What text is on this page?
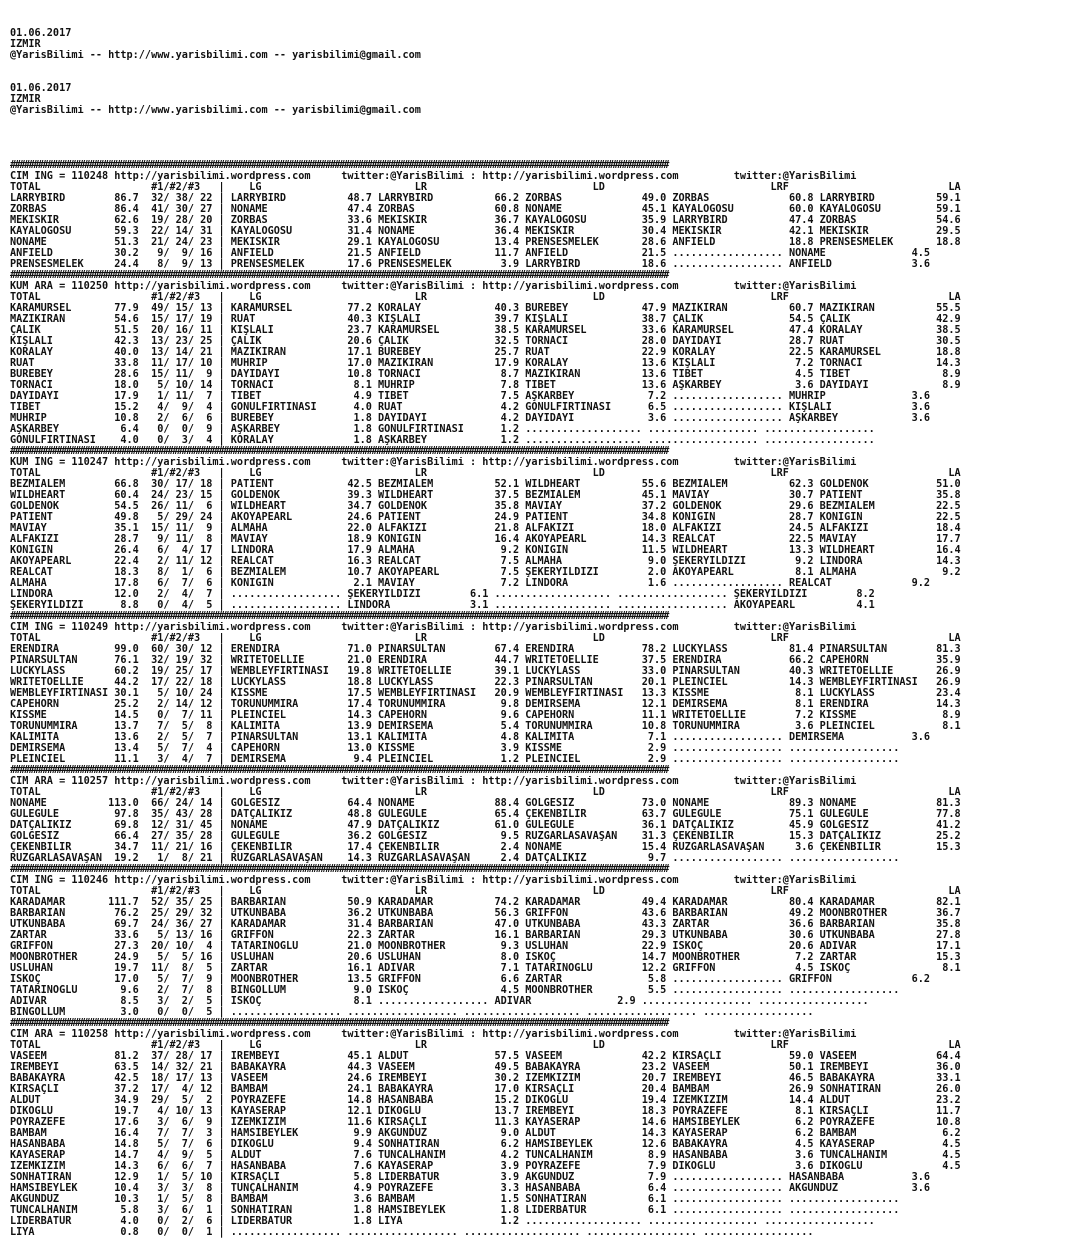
01.06.2017
IZMIR
@YarisBilimi -- http://www.yarisbilimi.com -- yarisbilimi@gmail.com

01.06.2017
IZMIR
@YarisBilimi -- http://www.yarisbilimi.com -- yarisbilimi@gmail.com

##############################################################################################################################################
CIM ING = 110248 http://yarisbilimi.wordpress.com     twitter:@YarisBilimi : http://yarisbilimi.wordpress.com         twitter:@YarisBilimi
TOTAL                  #1/#2/#3   |    LG                         LR                           LD                           LRF                          LA
LARRYBIRD        86.7  32/ 38/ 22 | LARRYBIRD          48.7 LARRYBIRD          66.2 ZORBAS             49.0 ZORBAS             60.8 LARRYBIRD          59.1
ZORBAS           86.4  41/ 30/ 27 | NONAME             47.4 ZORBAS             60.8 NONAME             45.1 KAYALOGOSU         60.0 KAYALOGOSU         59.1
MEKİSKİR         62.6  19/ 28/ 20 | ZORBAS             33.6 MEKİSKİR           36.7 KAYALOGOSU         35.9 LARRYBIRD          47.4 ZORBAS             54.6
KAYALOGOSU       59.3  22/ 14/ 31 | KAYALOGOSU         31.4 NONAME             36.4 MEKİSKİR           30.4 MEKİSKİR           42.1 MEKİSKİR           29.5
NONAME           51.3  21/ 24/ 23 | MEKİSKİR           29.1 KAYALOGOSU         13.4 PRENSESMELEK       28.6 ANFIELD            18.8 PRENSESMELEK       18.8
ANFIELD          30.2   9/  9/ 16 | ANFIELD            21.5 ANFIELD            11.7 ANFIELD            21.5 .................. NONAME              4.5
PRENSESMELEK     24.4   8/  9/ 13 | PRENSESMELEK       17.6 PRENSESMELEK        3.9 LARRYBIRD          18.6 .................. ANFIELD             3.6
##############################################################################################################################################
KUM ARA = 110250 http://yarisbilimi.wordpress.com     twitter:@YarisBilimi : http://yarisbilimi.wordpress.com         twitter:@YarisBilimi
TOTAL                  #1/#2/#3   |    LG                         LR                           LD                           LRF                          LA
KARAMÜRSEL       77.9  49/ 15/ 13 | KARAMÜRSEL         77.2 KORALAY            40.3 BUREBEY            47.9 MAZIKIRAN          60.7 MAZIKIRAN          55.5
MAZIKIRAN        54.6  15/ 17/ 19 | RUAT               40.3 KIŞLALI            39.7 KIŞLALI            38.7 ÇALIK              54.5 ÇALIK              42.9
ÇALIK            51.5  20/ 16/ 11 | KIŞLALI            23.7 KARAMÜRSEL         38.5 KARAMÜRSEL         33.6 KARAMÜRSEL         47.4 KORALAY            38.5
KIŞLALI          42.3  13/ 23/ 25 | ÇALIK              20.6 ÇALIK              32.5 TORNACI            28.0 DAYIDAYI           28.7 RUAT               30.5
KORALAY          40.0  13/ 14/ 21 | MAZIKIRAN          17.1 BUREBEY            25.7 RUAT               22.9 KORALAY            22.5 KARAMÜRSEL         18.8
RUAT             33.8  11/ 17/ 10 | MUHRİP             17.0 MAZIKIRAN          17.9 KORALAY            13.6 KIŞLALI             7.2 TORNACI            14.3
BUREBEY          28.6  15/ 11/  9 | DAYIDAYI           10.8 TORNACI             8.7 MAZIKIRAN          13.6 TİBET               4.5 TİBET               8.9
TORNACI          18.0   5/ 10/ 14 | TORNACI             8.1 MUHRİP              7.8 TİBET              13.6 AŞKARBEY            3.6 DAYIDAYI            8.9
DAYIDAYI         17.9   1/ 11/  7 | TİBET               4.9 TİBET               7.5 AŞKARBEY            7.2 .................. MUHRİP              3.6
TİBET            15.2   4/  9/  4 | GÖNÜLFIRTINASI      4.0 RUAT                4.2 GÖNÜLFIRTINASI      6.5 .................. KIŞLALI             3.6
MUHRİP           10.8   2/  6/  6 | BUREBEY             1.8 DAYIDAYI            4.2 DAYIDAYI            3.6 .................. AŞKARBEY            3.6
AŞKARBEY          6.4   0/  0/  9 | AŞKARBEY            1.8 GÖNÜLFIRTINASI      1.2 ................... .................. ..................
GÖNÜLFIRTINASI    4.0   0/  3/  4 | KORALAY             1.8 AŞKARBEY            1.2 ................... .................. ..................
##############################################################################################################################################
KUM ING = 110247 http://yarisbilimi.wordpress.com     twitter:@YarisBilimi : http://yarisbilimi.wordpress.com         twitter:@YarisBilimi
TOTAL                  #1/#2/#3   |    LG                         LR                           LD                           LRF                          LA
BEZMİALEM        66.8  30/ 17/ 18 | PATIENT            42.5 BEZMİALEM          52.1 WILDHEART          55.6 BEZMİALEM          62.3 GOLDENOK           51.0
WILDHEART        60.4  24/ 23/ 15 | GOLDENOK           39.3 WILDHEART          37.5 BEZMİALEM          45.1 MAVİAY             30.7 PATIENT            35.8
GOLDENOK         54.5  26/ 11/  6 | WILDHEART          34.7 GOLDENOK           35.8 MAVİAY             37.2 GOLDENOK           29.6 BEZMİALEM          22.5
PATIENT          49.8   5/ 29/ 24 | AKOYAPEARL         24.6 PATIENT            24.9 PATIENT            34.8 KONIGIN            28.7 KONIGIN            22.5
MAVİAY           35.1  15/ 11/  9 | ALMAHA             22.0 ALFAKIZI           21.8 ALFAKIZI           18.0 ALFAKIZI           24.5 ALFAKIZI           18.4
ALFAKIZI         28.7   9/ 11/  8 | MAVİAY             18.9 KONIGIN            16.4 AKOYAPEARL         14.3 REALCAT            22.5 MAVİAY             17.7
KONIGIN          26.4   6/  4/ 17 | LINDORA            17.9 ALMAHA              9.2 KONIGIN            11.5 WILDHEART          13.3 WILDHEART          16.4
AKOYAPEARL       22.4   2/ 11/ 12 | REALCAT            16.3 REALCAT             7.5 ALMAHA              9.0 ŞEKERYILDIZI        9.2 LINDORA            14.3
REALCAT          18.3   8/  1/  6 | BEZMİALEM          10.7 AKOYAPEARL          7.5 ŞEKERYILDIZI        2.0 AKOYAPEARL          8.1 ALMAHA              9.2
ALMAHA           17.8   6/  7/  6 | KONIGIN             2.1 MAVİAY              7.2 LINDORA             1.6 .................. REALCAT             9.2
LINDORA          12.0   2/  4/  7 | .................. ŞEKERYILDIZI        6.1 ................... .................. ŞEKERYILDIZI        8.2
ŞEKERYILDIZI      8.8   0/  4/  5 | .................. LINDORA             3.1 ................... .................. AKOYAPEARL          4.1
##############################################################################################################################################
CIM ING = 110249 http://yarisbilimi.wordpress.com     twitter:@YarisBilimi : http://yarisbilimi.wordpress.com         twitter:@YarisBilimi
TOTAL                  #1/#2/#3   |    LG                         LR                           LD                           LRF                          LA
ERENDIRA         99.0  60/ 30/ 12 | ERENDIRA           71.0 PINARSULTAN        67.4 ERENDIRA           78.2 LUCKYLASS          81.4 PINARSULTAN        81.3
PINARSULTAN      76.1  32/ 19/ 32 | WRITETOELLIE       21.0 ERENDIRA           44.7 WRITETOELLIE       37.5 ERENDIRA           66.2 CAPEHORN           35.9
LUCKYLASS        60.2  19/ 25/ 17 | WEMBLEYFIRTINASI   19.8 WRITETOELLIE       39.1 LUCKYLASS          33.0 PINARSULTAN        40.3 WRITETOELLIE       26.9
WRITETOELLIE     44.2  17/ 22/ 18 | LUCKYLASS          18.8 LUCKYLASS          22.3 PINARSULTAN        20.1 PLEINCIEL          14.3 WEMBLEYFIRTINASI   26.9
WEMBLEYFIRTINASI 30.1   5/ 10/ 24 | KISSME             17.5 WEMBLEYFIRTINASI   20.9 WEMBLEYFIRTINASI   13.3 KISSME              8.1 LUCKYLASS          23.4
CAPEHORN         25.2   2/ 14/ 12 | TORUNUMMİRA        17.4 TORUNUMMİRA         9.8 DEMİRSEMA          12.1 DEMİRSEMA           8.1 ERENDIRA           14.3
KISSME           14.5   0/  7/ 11 | PLEINCIEL          14.3 CAPEHORN            9.6 CAPEHORN           11.1 WRITETOELLIE        7.2 KISSME              8.9
TORUNUMMİRA      13.7   7/  5/  8 | KALIMITA           13.9 DEMİRSEMA           5.4 TORUNUMMİRA        10.8 TORUNUMMİRA         3.6 PLEINCIEL           8.1
KALIMITA         13.6   2/  5/  7 | PINARSULTAN        13.1 KALIMITA            4.8 KALIMITA            7.1 .................. DEMİRSEMA           3.6
DEMİRSEMA        13.4   5/  7/  4 | CAPEHORN           13.0 KISSME              3.9 KISSME              2.9 .................. ..................
PLEINCIEL        11.1   3/  4/  7 | DEMİRSEMA           9.4 PLEINCIEL           1.2 PLEINCIEL           2.9 .................. ..................
##############################################################################################################################################
CIM ARA = 110257 http://yarisbilimi.wordpress.com     twitter:@YarisBilimi : http://yarisbilimi.wordpress.com         twitter:@YarisBilimi
TOTAL                  #1/#2/#3   |    LG                         LR                           LD                           LRF                          LA
NONAME          113.0  66/ 24/ 14 | GOLGESİZ           64.4 NONAME             88.4 GOLGESİZ           73.0 NONAME             89.3 NONAME             81.3
GULEGULE         97.8  35/ 43/ 28 | DATÇALIKIZ         48.8 GULEGULE           65.4 ÇEKENBİLİR         63.7 GULEGULE           75.1 GULEGULE           77.8
DATÇALIKIZ       69.8  12/ 31/ 45 | NONAME             47.9 DATÇALIKIZ         61.0 GULEGULE           36.1 DATÇALIKIZ         45.9 GOLGESİZ           41.2
GOLGESİZ         66.4  27/ 35/ 28 | GULEGULE           36.2 GOLGESİZ            9.5 RÜZGARLASAVAŞAN    31.3 ÇEKENBİLİR         15.3 DATÇALIKIZ         25.2
ÇEKENBİLİR       34.7  11/ 21/ 16 | ÇEKENBİLİR         17.4 ÇEKENBİLİR          2.4 NONAME             15.4 RÜZGARLASAVAŞAN     3.6 ÇEKENBİLİR         15.3
RÜZGARLASAVAŞAN  19.2   1/  8/ 21 | RÜZGARLASAVAŞAN    14.3 RÜZGARLASAVAŞAN     2.4 DATÇALIKIZ          9.7 .................. ..................
##############################################################################################################################################
CIM ING = 110246 http://yarisbilimi.wordpress.com     twitter:@YarisBilimi : http://yarisbilimi.wordpress.com         twitter:@YarisBilimi
TOTAL                  #1/#2/#3   |    LG                         LR                           LD                           LRF                          LA
KARADAMAR       111.7  52/ 35/ 25 | BARBARIAN          50.9 KARADAMAR          74.2 KARADAMAR          49.4 KARADAMAR          80.4 KARADAMAR          82.1
BARBARIAN        76.2  25/ 29/ 32 | UTKUNBABA          36.2 UTKUNBABA          56.3 GRIFFON            43.6 BARBARIAN          49.2 MOONBROTHER        36.7
UTKUNBABA        69.7  24/ 36/ 27 | KARADAMAR          31.4 BARBARIAN          47.0 UTKUNBABA          43.3 ZARTAR             36.6 BARBARIAN          35.8
ZARTAR           33.6   5/ 13/ 16 | GRIFFON            22.3 ZARTAR             16.1 BARBARIAN          29.3 UTKUNBABA          30.6 UTKUNBABA          27.8
GRIFFON          27.3  20/ 10/  4 | TATARİNOĞLU        21.0 MOONBROTHER         9.3 USLUHAN            22.9 İSKOÇ              20.6 ADIVAR             17.1
MOONBROTHER      24.9   5/  5/ 16 | USLUHAN            20.6 USLUHAN             8.0 İSKOÇ              14.7 MOONBROTHER         7.2 ZARTAR             15.3
USLUHAN          19.7  11/  8/  5 | ZARTAR             16.1 ADIVAR              7.1 TATARİNOĞLU        12.2 GRIFFON             4.5 İSKOÇ               8.1
İSKOÇ            17.0   5/  7/  9 | MOONBROTHER        13.5 GRIFFON             6.6 ZARTAR              5.8 .................. GRIFFON             6.2
TATARİNOĞLU       9.6   2/  7/  8 | BINGOLLÜM           9.0 İSKOÇ               4.5 MOONBROTHER         5.5 .................. ..................
ADIVAR            8.5   3/  2/  5 | İSKOÇ               8.1 .................. ADIVAR              2.9 .................. ..................
BINGOLLÜM         3.0   0/  0/  5 | .................. .................. ................... .................. ..................
##############################################################################################################################################
CIM ARA = 110258 http://yarisbilimi.wordpress.com     twitter:@YarisBilimi : http://yarisbilimi.wordpress.com         twitter:@YarisBilimi
TOTAL                  #1/#2/#3   |    LG                         LR                           LD                           LRF                          LA
VASEEM           81.2  37/ 28/ 17 | İREMBEYİ           45.1 ALDUT              57.5 VASEEM             42.2 KIRSAÇLI           59.0 VASEEM             64.4
İREMBEYİ         63.5  14/ 32/ 21 | BABAKAYRA          44.3 VASEEM             49.5 BABAKAYRA          23.2 VASEEM             50.1 İREMBEYİ           36.0
BABAKAYRA        42.5  18/ 17/ 13 | VASEEM             24.6 İREMBEYİ           30.2 İZEMKIZIM          20.7 İREMBEYİ           46.5 BABAKAYRA          33.1
KIRSAÇLI         37.2  17/  4/ 12 | BAMBAM             24.1 BABAKAYRA          17.0 KIRSAÇLI           20.4 BAMBAM             26.9 SONHATIRAN         26.0
ALDUT            34.9  29/  5/  2 | POYRAZEFE          14.8 HASANBABA          15.2 DİKOGLU            19.4 İZEMKIZIM          14.4 ALDUT              23.2
DİKOGLU          19.7   4/ 10/ 13 | KAYASERAP          12.1 DİKOGLU            13.7 İREMBEYİ           18.3 POYRAZEFE           8.1 KIRSAÇLI           11.7
POYRAZEFE        17.6   3/  6/  9 | İZEMKIZIM          11.6 KIRSAÇLI           11.3 KAYASERAP          14.6 HAMSİBEYLEK         6.2 POYRAZEFE          10.8
BAMBAM           16.4   7/  7/  3 | HAMSİBEYLEK         9.9 AKGÜNDÜZ            9.0 ALDUT              14.3 KAYASERAP           6.2 BAMBAM              6.2
HASANBABA        14.8   5/  7/  6 | DİKOGLU             9.4 SONHATIRAN          6.2 HAMSİBEYLEK        12.6 BABAKAYRA           4.5 KAYASERAP           4.5
KAYASERAP        14.7   4/  9/  5 | ALDUT               7.6 TUNCALHANIM         4.2 TUNCALHANIM         8.9 HASANBABA           3.6 TUNCALHANIM         4.5
İZEMKIZIM        14.3   6/  6/  7 | HASANBABA           7.6 KAYASERAP           3.9 POYRAZEFE           7.9 DİKOGLU             3.6 DİKOGLU             4.5
SONHATIRAN       12.9   1/  5/ 10 | KIRSAÇLI            5.8 LİDERBATUR          3.9 AKGÜNDÜZ            7.9 .................. HASANBABA           3.6
HAMSİBEYLEK      10.4   3/  3/  8 | TUNÇALHANIM         4.9 POYRAZEFE           3.3 HASANBABA           6.4 .................. AKGÜNDÜZ            3.6
AKGÜNDÜZ         10.3   1/  5/  8 | BAMBAM              3.6 BAMBAM              1.5 SONHATIRAN          6.1 .................. ..................
TUNCALHANIM       5.8   3/  6/  1 | SONHATIRAN          1.8 HAMSİBEYLEK         1.8 LİDERBATUR          6.1 .................. ..................
LİDERBATUR        4.0   0/  2/  6 | LİDERBATUR          1.8 LİYA                1.2 ................... .................. ..................
LİYA              0.8   0/  0/  1 | .................. .................. ................... .................. ..................
